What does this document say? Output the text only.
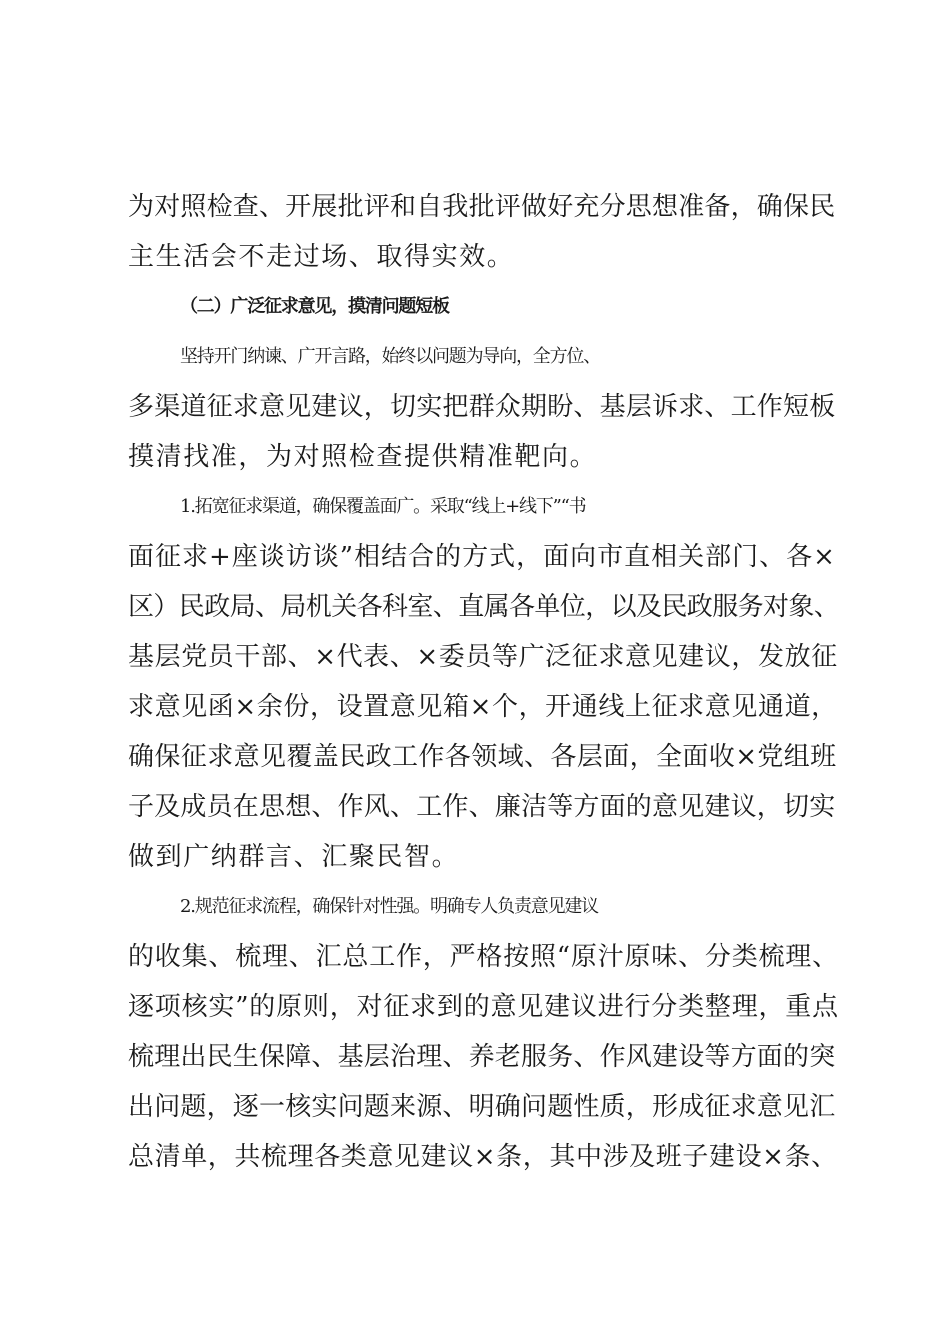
为对照检查、开展批评和自我批评做好充分思想准备，确保民
主生活会不走过场、取得实效。
（二）广泛征求意见，摸清问题短板
坚持开门纳谏、广开言路，始终以问题为导向，全方位、
多渠道征求意见建议，切实把群众期盼、基层诉求、工作短板
摸清找准，为对照检查提供精准靶向。
1.拓宽征求渠道，确保覆盖面广。采取“线上+线下”“书
面征求+座谈访谈”相结合的方式，面向市直相关部门、各×
区）民政局、局机关各科室、直属各单位，以及民政服务对象、
基层党员干部、×代表、×委员等广泛征求意见建议，发放征
求意见函×余份，设置意见箱×个，开通线上征求意见通道，
确保征求意见覆盖民政工作各领域、各层面，全面收×党组班
子及成员在思想、作风、工作、廉洁等方面的意见建议，切实
做到广纳群言、汇聚民智。
2.规范征求流程，确保针对性强。明确专人负责意见建议
的收集、梳理、汇总工作，严格按照“原汁原味、分类梳理、
逐项核实”的原则，对征求到的意见建议进行分类整理，重点
梳理出民生保障、基层治理、养老服务、作风建设等方面的突
出问题，逐一核实问题来源、明确问题性质，形成征求意见汇
总清单，共梳理各类意见建议×条，其中涉及班子建设×条、
